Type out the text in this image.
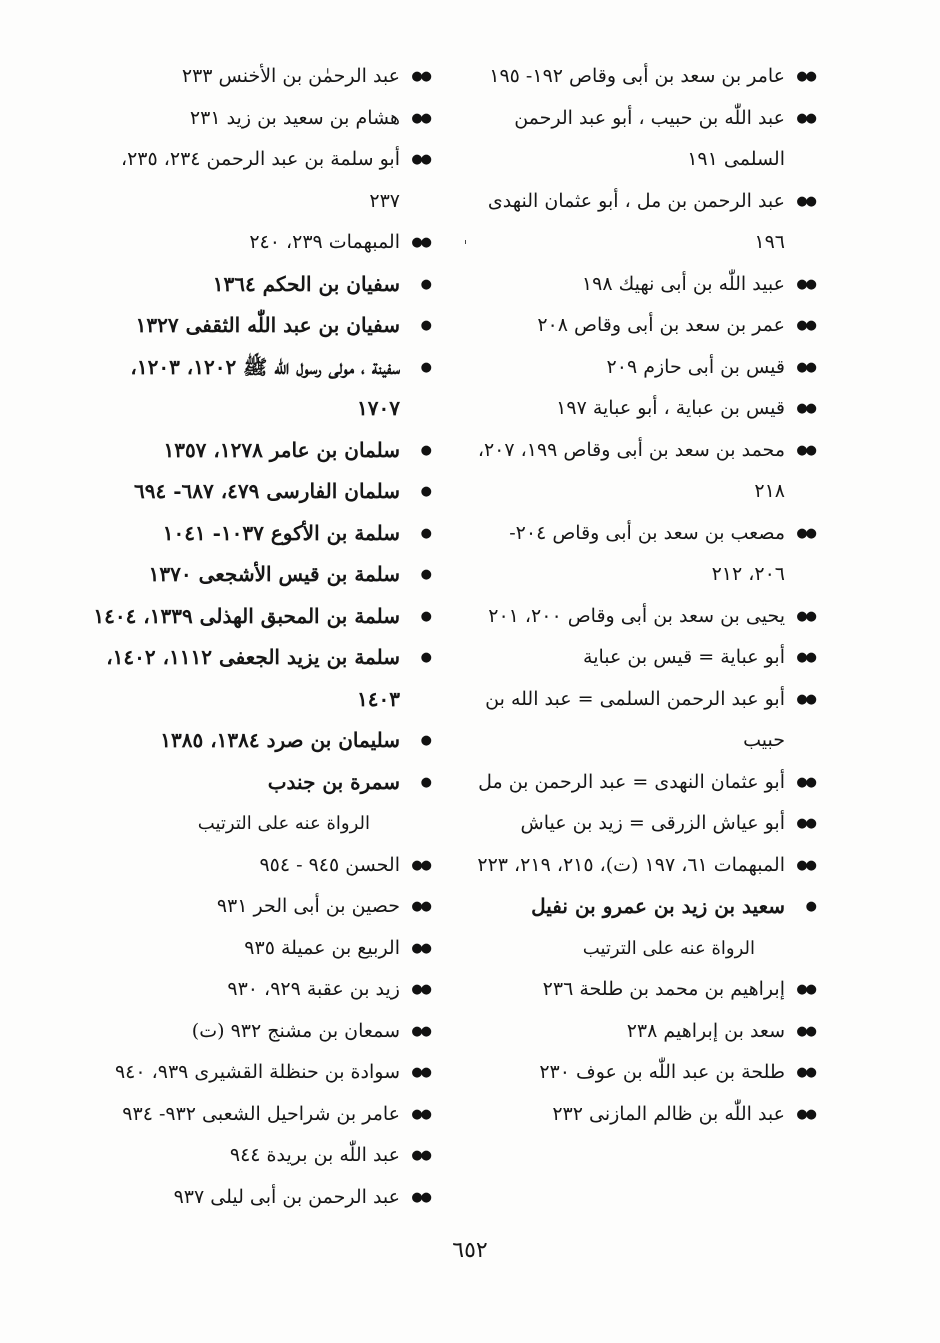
●●
عامر بن سعد بن أبى وقاص ١٩٢- ١٩٥
●●
عبد اللّٰه بن حبيب ، أبو عبد الرحمن السلمى ١٩١
●●
عبد الرحمن بن مل ، أبو عثمان النهدى ١٩٦
●●
عبيد اللّٰه بن أبى نهيك ١٩٨
●●
عمر بن سعد بن أبى وقاص ٢٠٨
●●
قيس بن أبى حازم ٢٠٩
●●
قيس بن عباية ، أبو عباية ١٩٧
●●
محمد بن سعد بن أبى وقاص ١٩٩، ٢٠٧، ٢١٨
●●
مصعب بن سعد بن أبى وقاص ٢٠٤- ٢٠٦، ٢١٢
●●
يحيى بن سعد بن أبى وقاص ٢٠٠، ٢٠١
●●
أبو عباية = قيس بن عباية
●●
أبو عبد الرحمن السلمى = عبد الله بن حبيب
●●
أبو عثمان النهدى = عبد الرحمن بن مل
●●
أبو عياش الزرقى = زيد بن عياش
●●
المبهمات ٦١، ١٩٧ (ت)، ٢١٥، ٢١٩، ٢٢٣
●
سعيد بن زيد بن عمرو بن نفيل
الرواة عنه على الترتيب
●●
إبراهيم بن محمد بن طلحة ٢٣٦
●●
سعد بن إبراهيم ٢٣٨
●●
طلحة بن عبد اللّٰه بن عوف ٢٣٠
●●
عبد اللّٰه بن ظالم المازنى ٢٣٢
●●
عبد الرحمٰن بن الأخنس ٢٣٣
●●
هشام بن سعيد بن زيد ٢٣١
●●
أبو سلمة بن عبد الرحمن ٢٣٤، ٢٣٥، ٢٣٧
●●
المبهمات ٢٣٩، ٢٤٠
●
سفيان بن الحكم ١٣٦٤
●
سفيان بن عبد اللّٰه الثقفى ١٣٢٧
●
سفينة ، مولى رسول اللّٰه ﷺ ١٢٠٢، ١٢٠٣، ١٧٠٧
●
سلمان بن عامر ١٢٧٨، ١٣٥٧
●
سلمان الفارسى ٤٧٩، ٦٨٧- ٦٩٤
●
سلمة بن الأكوع ١٠٣٧- ١٠٤١
●
سلمة بن قيس الأشجعى ١٣٧٠
●
سلمة بن المحبق الهذلى ١٣٣٩، ١٤٠٤
●
سلمة بن يزيد الجعفى ١١١٢، ١٤٠٢، ١٤٠٣
●
سليمان بن صرد ١٣٨٤، ١٣٨٥
●
سمرة بن جندب
الرواة عنه على الترتيب
●●
الحسن ٩٤٥ - ٩٥٤
●●
حصين بن أبى الحر ٩٣١
●●
الربيع بن عميلة ٩٣٥
●●
زيد بن عقبة ٩٢٩، ٩٣٠
●●
سمعان بن مشنج ٩٣٢ (ت)
●●
سوادة بن حنظلة القشيرى ٩٣٩، ٩٤٠
●●
عامر بن شراحيل الشعبى ٩٣٢- ٩٣٤
●●
عبد اللّٰه بن بريدة ٩٤٤
●●
عبد الرحمن بن أبى ليلى ٩٣٧
٦٥٢
